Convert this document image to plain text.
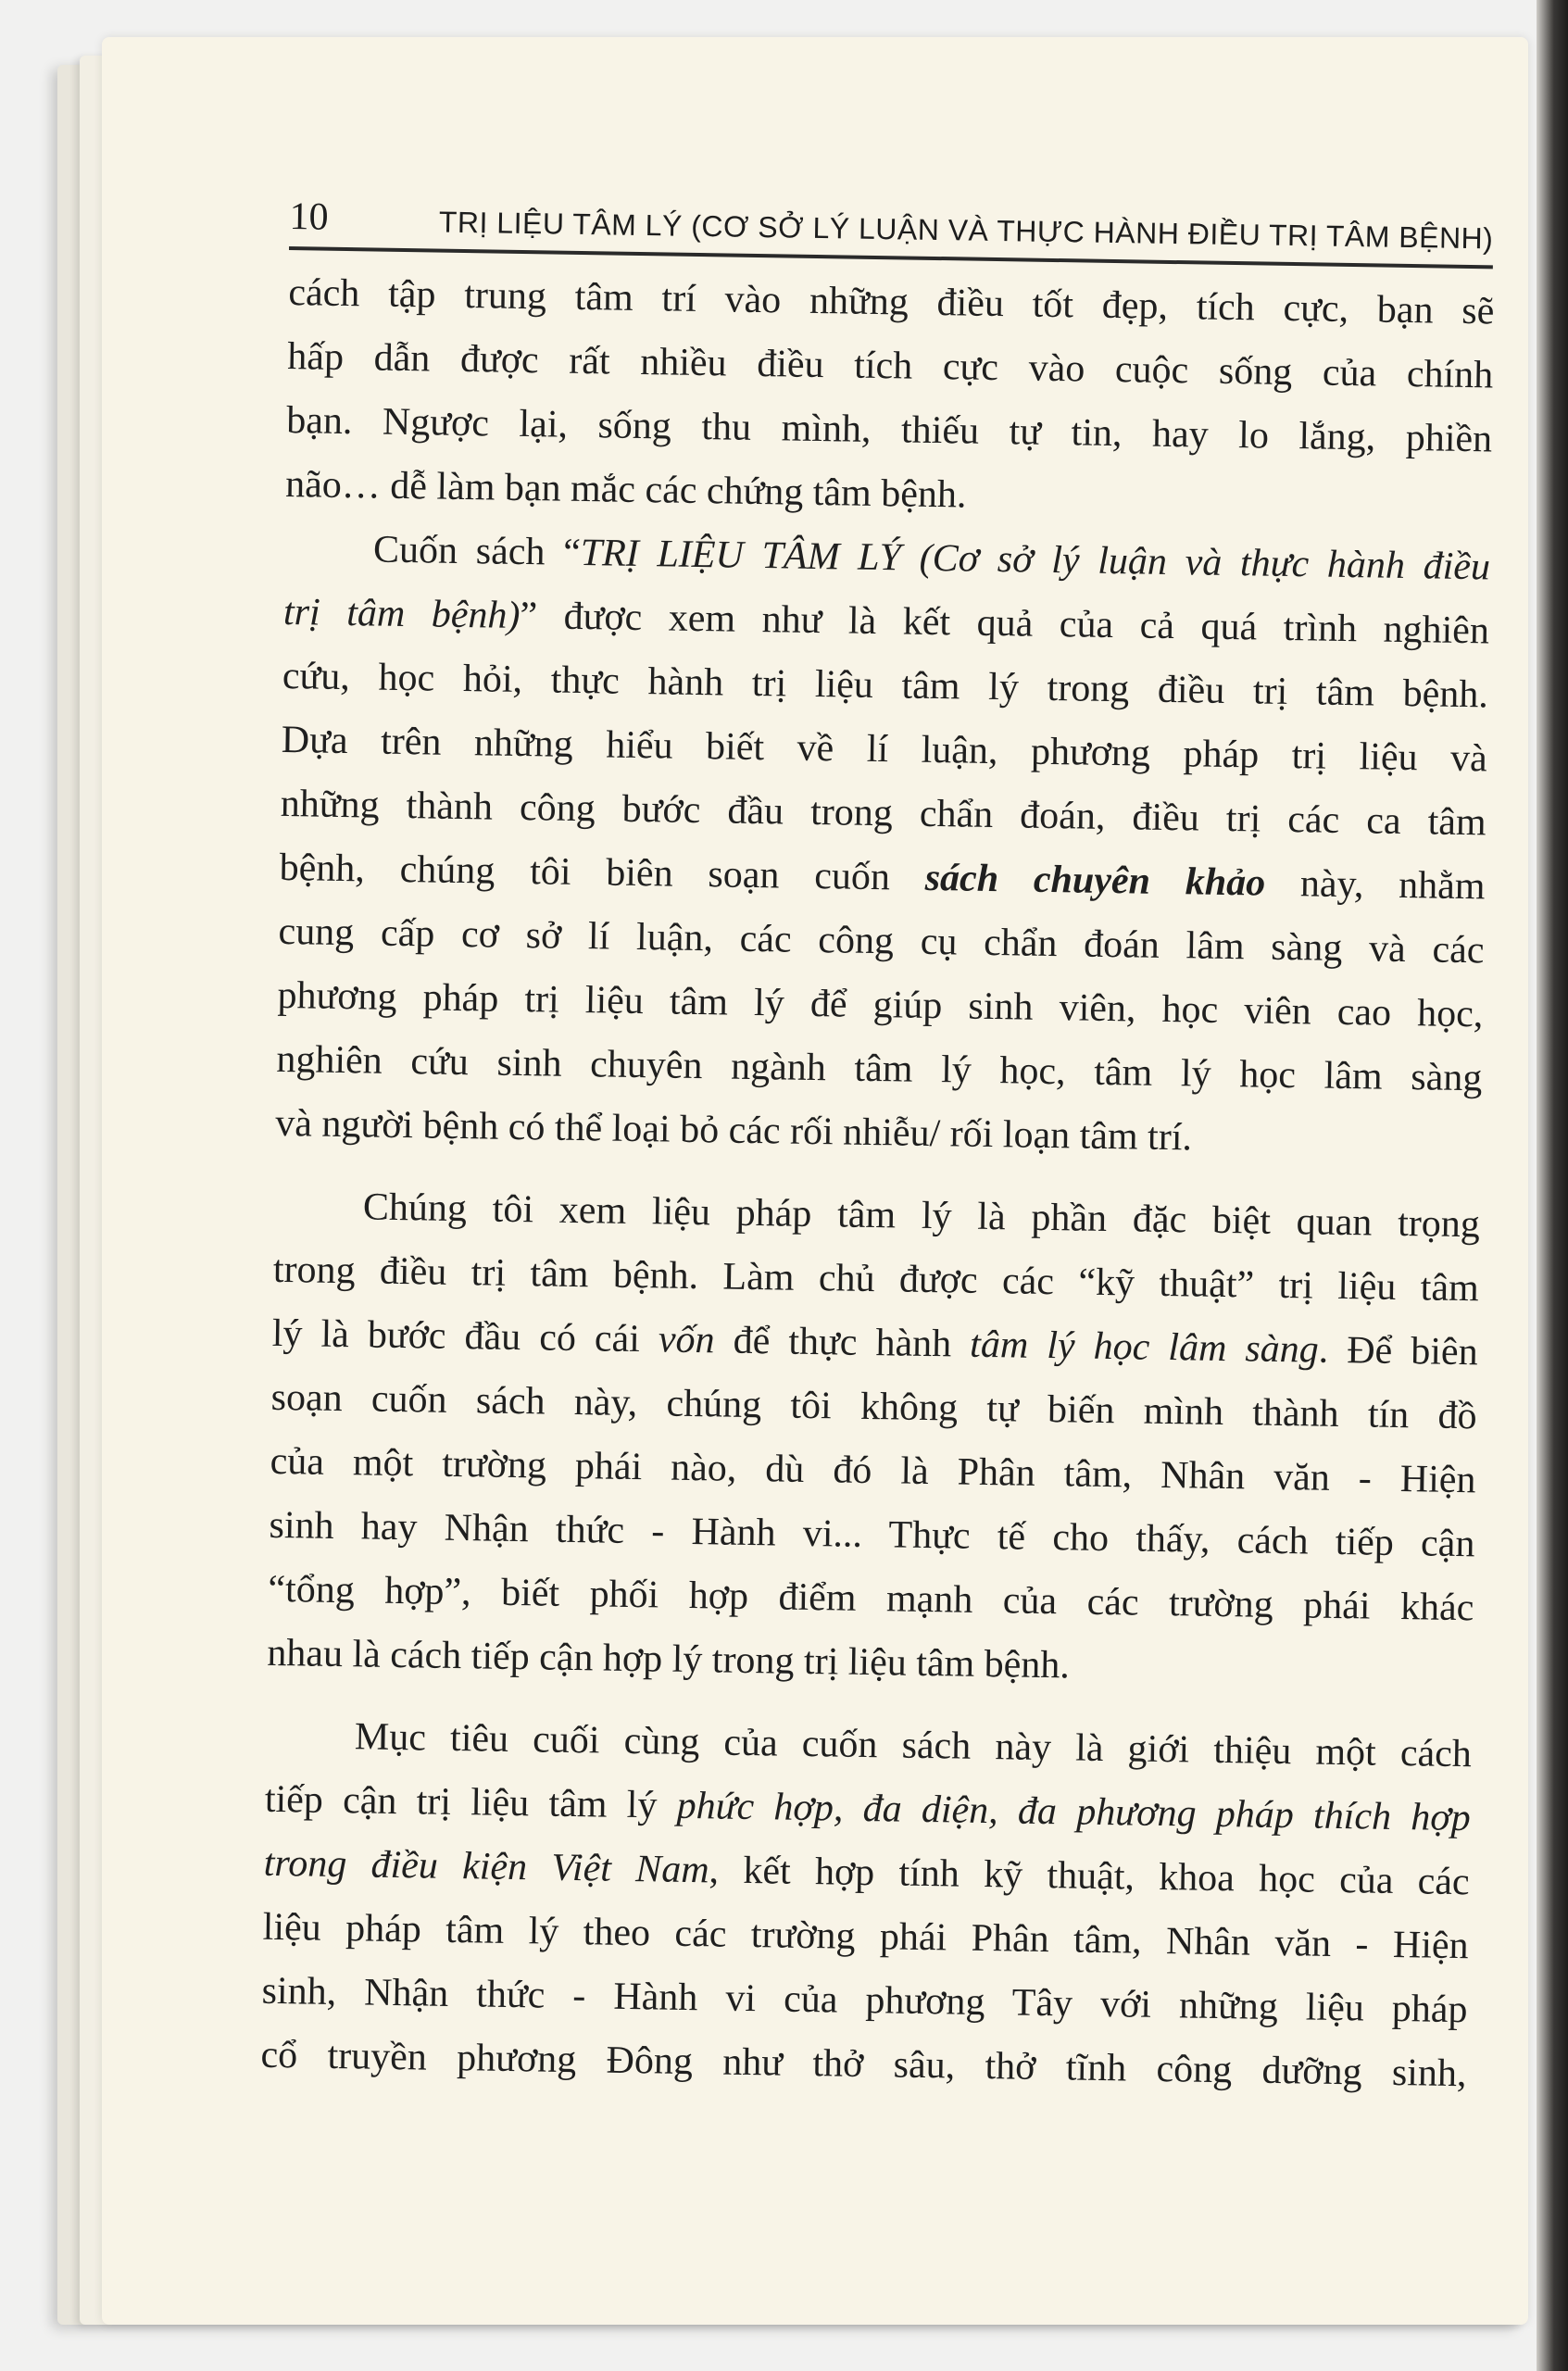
10	TRỊ LIỆU TÂM LÝ (CƠ SỞ LÝ LUẬN VÀ THỰC HÀNH ĐIỀU TRỊ TÂM BỆNH)
cách tập trung tâm trí vào những điều tốt đẹp, tích cực, bạn sẽ
hấp dẫn được rất nhiều điều tích cực vào cuộc sống của chính
bạn. Ngược lại, sống thu mình, thiếu tự tin, hay lo lắng, phiền
não… dễ làm bạn mắc các chứng tâm bệnh.
Cuốn sách “TRỊ LIỆU TÂM LÝ (Cơ sở lý luận và thực hành điều
trị tâm bệnh)” được xem như là kết quả của cả quá trình nghiên
cứu, học hỏi, thực hành trị liệu tâm lý trong điều trị tâm bệnh.
Dựa trên những hiểu biết về lí luận, phương pháp trị liệu và
những thành công bước đầu trong chẩn đoán, điều trị các ca tâm
bệnh, chúng tôi biên soạn cuốn sách chuyên khảo này, nhằm
cung cấp cơ sở lí luận, các công cụ chẩn đoán lâm sàng và các
phương pháp trị liệu tâm lý để giúp sinh viên, học viên cao học,
nghiên cứu sinh chuyên ngành tâm lý học, tâm lý học lâm sàng
và người bệnh có thể loại bỏ các rối nhiễu/ rối loạn tâm trí.
Chúng tôi xem liệu pháp tâm lý là phần đặc biệt quan trọng
trong điều trị tâm bệnh. Làm chủ được các “kỹ thuật” trị liệu tâm
lý là bước đầu có cái vốn để thực hành tâm lý học lâm sàng. Để biên
soạn cuốn sách này, chúng tôi không tự biến mình thành tín đồ
của một trường phái nào, dù đó là Phân tâm, Nhân văn - Hiện
sinh hay Nhận thức - Hành vi... Thực tế cho thấy, cách tiếp cận
“tổng hợp”, biết phối hợp điểm mạnh của các trường phái khác
nhau là cách tiếp cận hợp lý trong trị liệu tâm bệnh.
Mục tiêu cuối cùng của cuốn sách này là giới thiệu một cách
tiếp cận trị liệu tâm lý phức hợp, đa diện, đa phương pháp thích hợp
trong điều kiện Việt Nam, kết hợp tính kỹ thuật, khoa học của các
liệu pháp tâm lý theo các trường phái Phân tâm, Nhân văn - Hiện
sinh, Nhận thức - Hành vi của phương Tây với những liệu pháp
cổ truyền phương Đông như thở sâu, thở tĩnh công dưỡng sinh,
